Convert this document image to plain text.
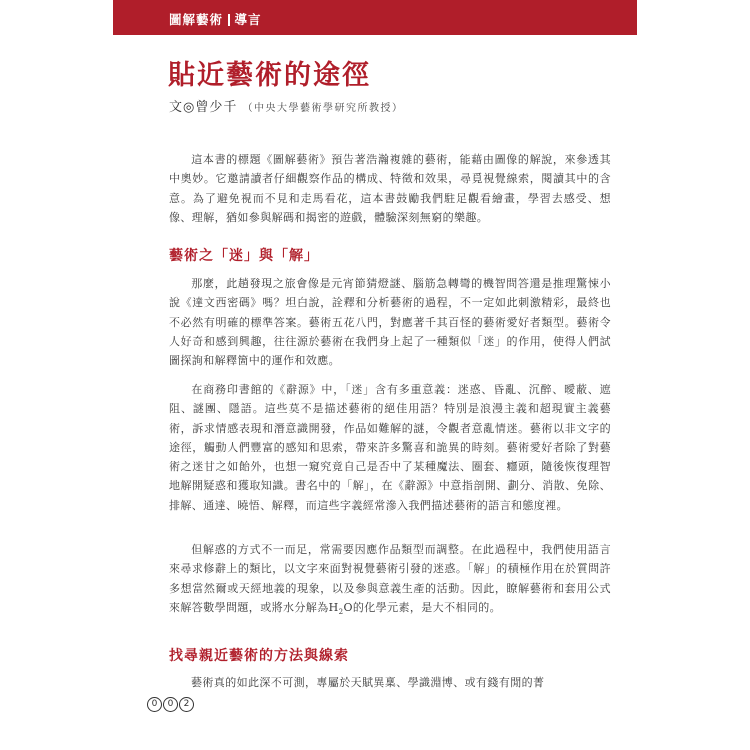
圖解藝術 導言
貼近藝術的途徑
文◎曾少千 （中央大學藝術學研究所教授）
這本書的標題《圖解藝術》預告著浩瀚複雜的藝術，能藉由圖像的解說，來參透其中奧妙。它邀請讀者仔細觀察作品的構成、特徵和效果，尋覓視覺線索，閱讀其中的含意。為了避免視而不見和走馬看花，這本書鼓勵我們駐足觀看繪畫，學習去感受、想像、理解，猶如參與解碼和揭密的遊戲，體驗深刻無窮的樂趣。
藝術之「迷」與「解」
那麼，此趟發現之旅會像是元宵節猜燈謎、腦筋急轉彎的機智問答還是推理驚悚小說《達文西密碼》嗎？坦白說，詮釋和分析藝術的過程，不一定如此刺激精彩，最終也不必然有明確的標準答案。藝術五花八門，對應著千其百怪的藝術愛好者類型。藝術令人好奇和感到興趣，往往源於藝術在我們身上起了一種類似「迷」的作用，使得人們試圖探詢和解釋箇中的運作和效應。
在商務印書館的《辭源》中，「迷」含有多重意義：迷惑、昏亂、沉醉、曖蔽、遮阻、謎團、隱語。這些莫不是描述藝術的絕佳用語？特別是浪漫主義和超現實主義藝術，訴求情感表現和潛意識開發，作品如難解的謎，令觀者意亂情迷。藝術以非文字的途徑，觸動人們豐富的感知和思索，帶來許多驚喜和詭異的時刻。藝術愛好者除了對藝術之迷甘之如飴外，也想一窺究竟自己是否中了某種魔法、圈套、癮頭，隨後恢復理智地解開疑惑和獲取知識。書名中的「解」，在《辭源》中意指剖開、劃分、消散、免除、排解、通達、曉悟、解釋，而這些字義經常滲入我們描述藝術的語言和態度裡。
但解惑的方式不一而足，常需要因應作品類型而調整。在此過程中，我們使用語言來尋求修辭上的類比，以文字來面對視覺藝術引發的迷惑。「解」的積極作用在於質問許多想當然爾或天經地義的現象，以及參與意義生產的活動。因此，瞭解藝術和套用公式來解答數學問題，或將水分解為$H_2O$的化學元素，是大不相同的。
找尋親近藝術的方法與線索
藝術真的如此深不可測，專屬於天賦異稟、學識淵博、或有錢有閒的菁
0 0 2
